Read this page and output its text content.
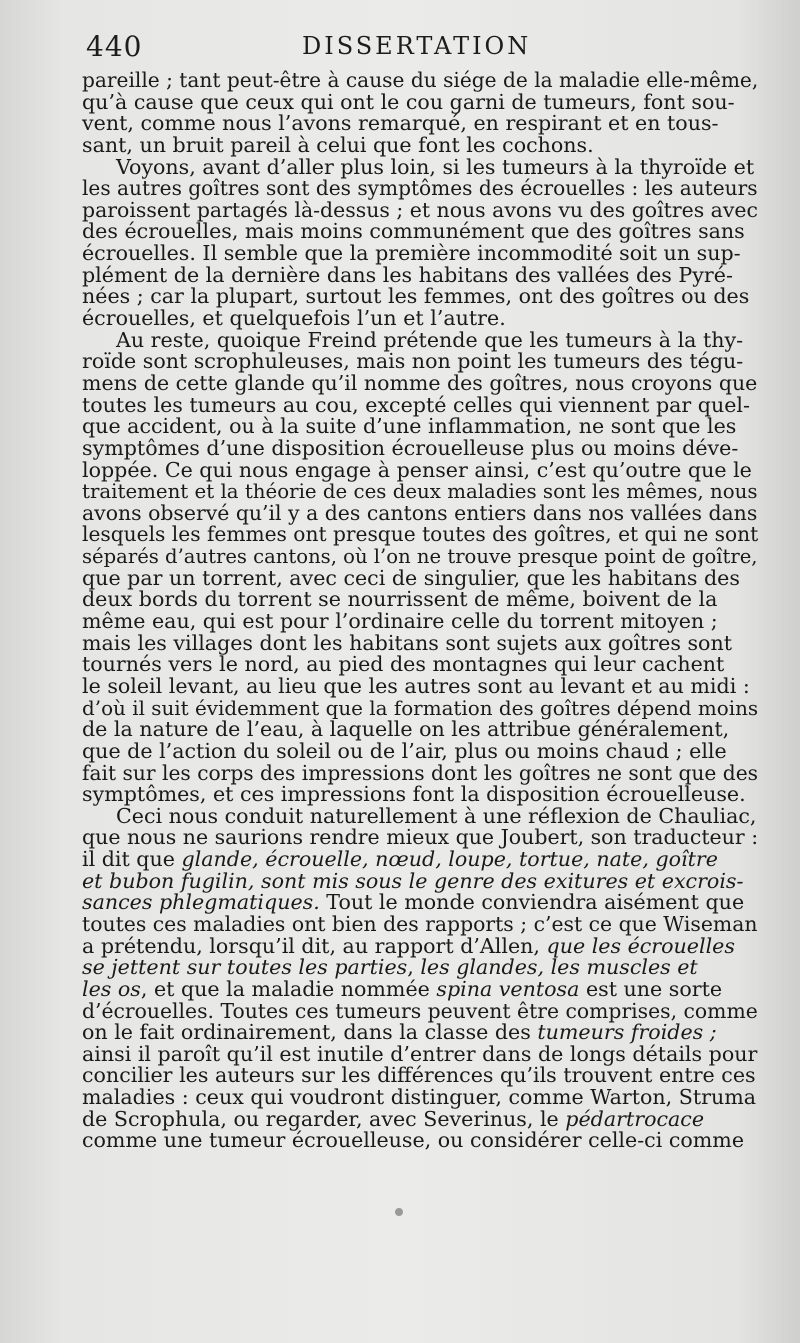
440	DISSERTATION
pareille ; tant peut-être à cause du siége de la maladie elle-même,
qu’à cause que ceux qui ont le cou garni de tumeurs, font sou-
vent, comme nous l’avons remarqué, en respirant et en tous-
sant, un bruit pareil à celui que font les cochons.
Voyons, avant d’aller plus loin, si les tumeurs à la thyroïde et
les autres goîtres sont des symptômes des écrouelles : les auteurs
paroissent partagés là-dessus ; et nous avons vu des goîtres avec
des écrouelles, mais moins communément que des goîtres sans
écrouelles. Il semble que la première incommodité soit un sup-
plément de la dernière dans les habitans des vallées des Pyré-
nées ; car la plupart, surtout les femmes, ont des goîtres ou des
écrouelles, et quelquefois l’un et l’autre.
Au reste, quoique Freind prétende que les tumeurs à la thy-
roïde sont scrophuleuses, mais non point les tumeurs des tégu-
mens de cette glande qu’il nomme des goîtres, nous croyons que
toutes les tumeurs au cou, excepté celles qui viennent par quel-
que accident, ou à la suite d’une inflammation, ne sont que les
symptômes d’une disposition écrouelleuse plus ou moins déve-
loppée. Ce qui nous engage à penser ainsi, c’est qu’outre que le
traitement et la théorie de ces deux maladies sont les mêmes, nous
avons observé qu’il y a des cantons entiers dans nos vallées dans
lesquels les femmes ont presque toutes des goîtres, et qui ne sont
séparés d’autres cantons, où l’on ne trouve presque point de goître,
que par un torrent, avec ceci de singulier, que les habitans des
deux bords du torrent se nourrissent de même, boivent de la
même eau, qui est pour l’ordinaire celle du torrent mitoyen ;
mais les villages dont les habitans sont sujets aux goîtres sont
tournés vers le nord, au pied des montagnes qui leur cachent
le soleil levant, au lieu que les autres sont au levant et au midi :
d’où il suit évidemment que la formation des goîtres dépend moins
de la nature de l’eau, à laquelle on les attribue généralement,
que de l’action du soleil ou de l’air, plus ou moins chaud ; elle
fait sur les corps des impressions dont les goîtres ne sont que des
symptômes, et ces impressions font la disposition écrouelleuse.
Ceci nous conduit naturellement à une réflexion de Chauliac,
que nous ne saurions rendre mieux que Joubert, son traducteur :
il dit que glande, écrouelle, nœud, loupe, tortue, nate, goître
et bubon fugilin, sont mis sous le genre des exitures et excrois-
sances phlegmatiques. Tout le monde conviendra aisément que
toutes ces maladies ont bien des rapports ; c’est ce que Wiseman
a prétendu, lorsqu’il dit, au rapport d’Allen, que les écrouelles
se jettent sur toutes les parties, les glandes, les muscles et
les os, et que la maladie nommée spina ventosa est une sorte
d’écrouelles. Toutes ces tumeurs peuvent être comprises, comme
on le fait ordinairement, dans la classe des tumeurs froides ;
ainsi il paroît qu’il est inutile d’entrer dans de longs détails pour
concilier les auteurs sur les différences qu’ils trouvent entre ces
maladies : ceux qui voudront distinguer, comme Warton, Struma
de Scrophula, ou regarder, avec Severinus, le pédartrocace
comme une tumeur écrouelleuse, ou considérer celle-ci comme
